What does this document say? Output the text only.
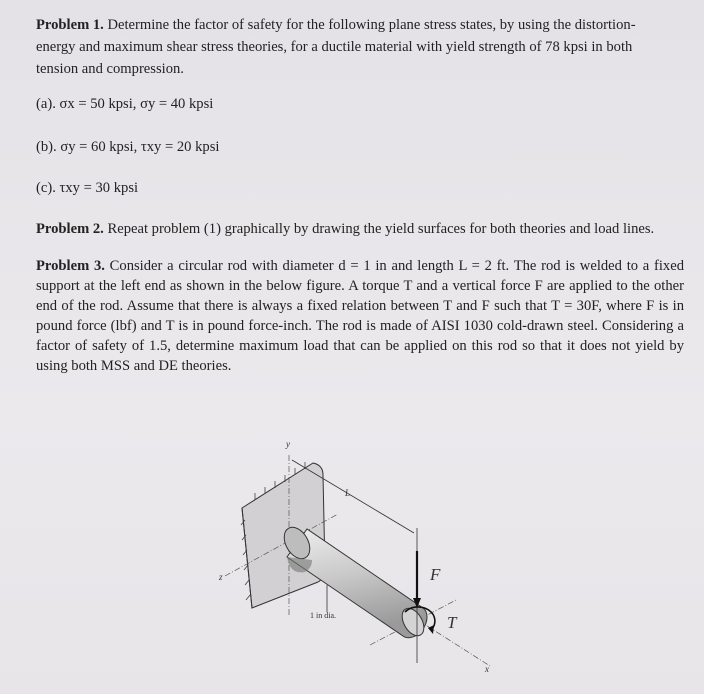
Problem 1. Determine the factor of safety for the following plane stress states, by using the distortion-
energy and maximum shear stress theories, for a ductile material with yield strength of 78 kpsi in both
tension and compression.
(a). σx = 50 kpsi, σy = 40 kpsi
(b). σy = 60 kpsi, τxy = 20 kpsi
(c). τxy = 30 kpsi
Problem 2. Repeat problem (1) graphically by drawing the yield surfaces for both theories and load lines.
Problem 3. Consider a circular rod with diameter d = 1 in and length L = 2 ft. The rod is welded to a fixed support at the left end as shown in the below figure. A torque T and a vertical force F are applied to the other end of the rod. Assume that there is always a fixed relation between T and F such that T = 30F, where F is in pound force (lbf) and T is in pound force-inch. The rod is made of AISI 1030 cold-drawn steel. Considering a factor of safety of 1.5, determine maximum load that can be applied on this rod so that it does not yield by using both MSS and DE theories.
y
z
x
L
F
T
1 in dia.
